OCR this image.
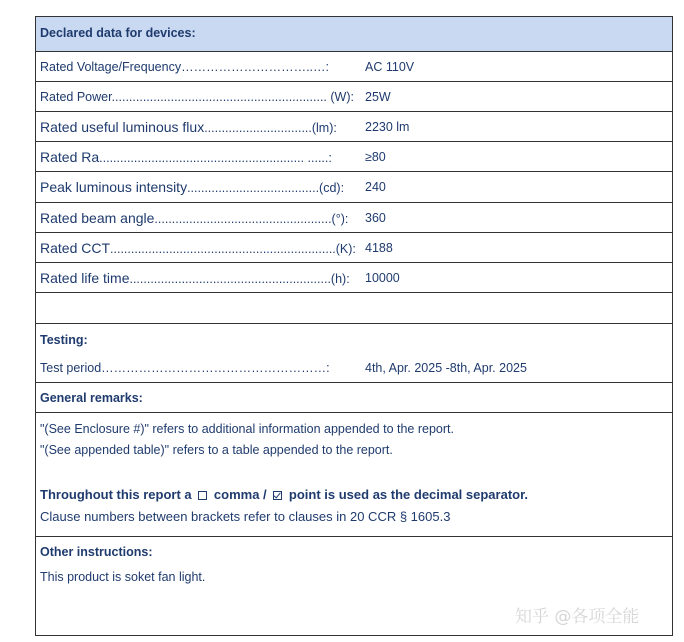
Declared data for devices:
Rated Voltage/Frequency…………………………..…:	AC 110V
Rated Power.............................................................. (W): 25W
Rated useful luminous flux...............................(lm): 2230 lm
Rated Ra........................................................... ......:	≥80
Peak luminous intensity......................................(cd): 240
Rated beam angle...................................................(°): 360
Rated CCT.................................................................(K): 4188
Rated life time..........................................................(h): 10000
Testing:
Test period………………………………………………:	4th, Apr. 2025 -8th, Apr. 2025
General remarks:
"(See Enclosure #)" refers to additional information appended to the report.
"(See appended table)" refers to a table appended to the report.
Throughout this report a comma / point is used as the decimal separator.
Clause numbers between brackets refer to clauses in 20 CCR § 1605.3
Other instructions:
This product is soket fan light.
知乎 @各项全能
